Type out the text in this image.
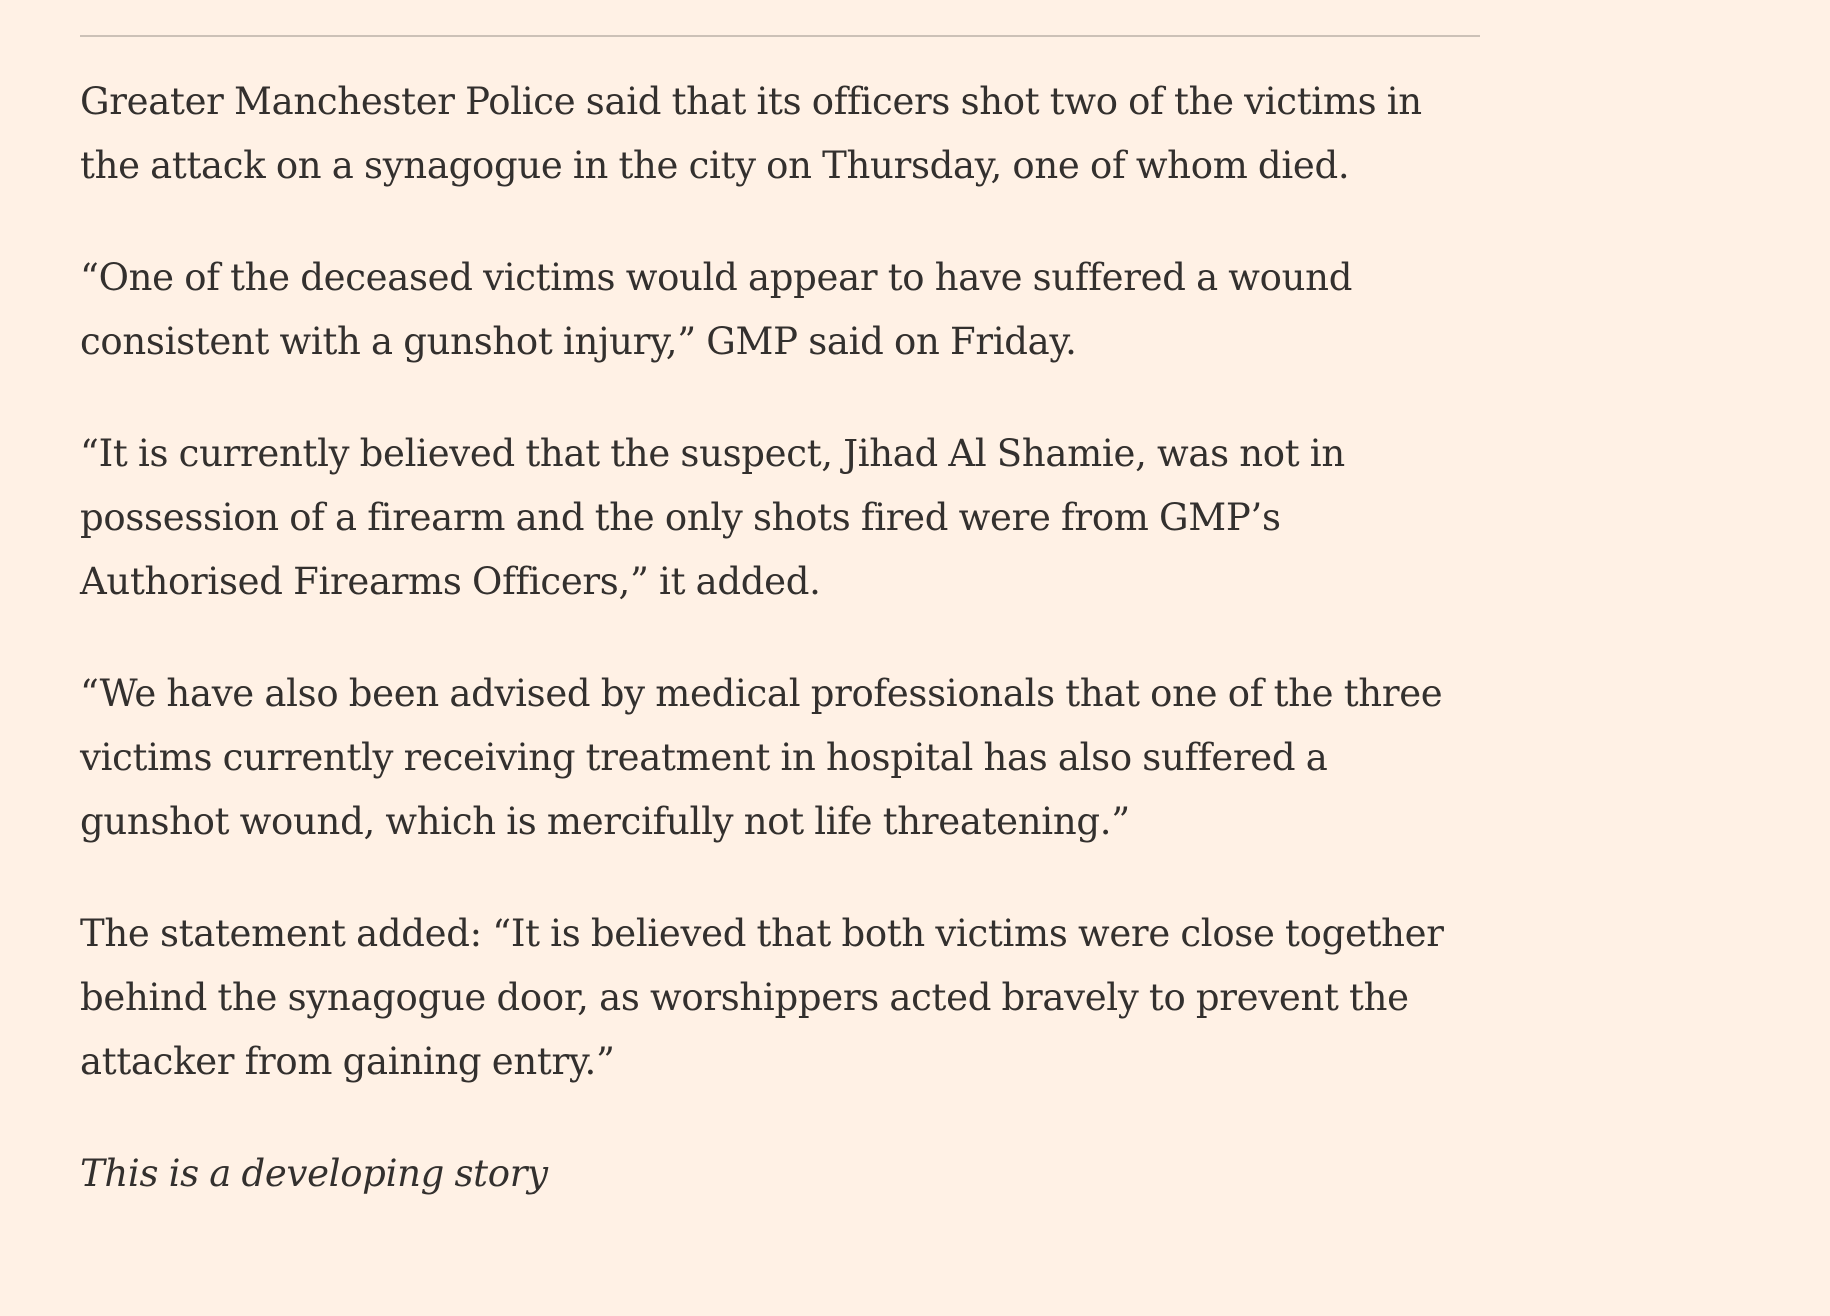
Greater Manchester Police said that its officers shot two of the victims in the attack on a synagogue in the city on Thursday, one of whom died.

“One of the deceased victims would appear to have suffered a wound consistent with a gunshot injury,” GMP said on Friday.

“It is currently believed that the suspect, Jihad Al Shamie, was not in possession of a firearm and the only shots fired were from GMP’s Authorised Firearms Officers,” it added.

“We have also been advised by medical professionals that one of the three victims currently receiving treatment in hospital has also suffered a gunshot wound, which is mercifully not life threatening.”

The statement added: “It is believed that both victims were close together behind the synagogue door, as worshippers acted bravely to prevent the attacker from gaining entry.”

This is a developing story
